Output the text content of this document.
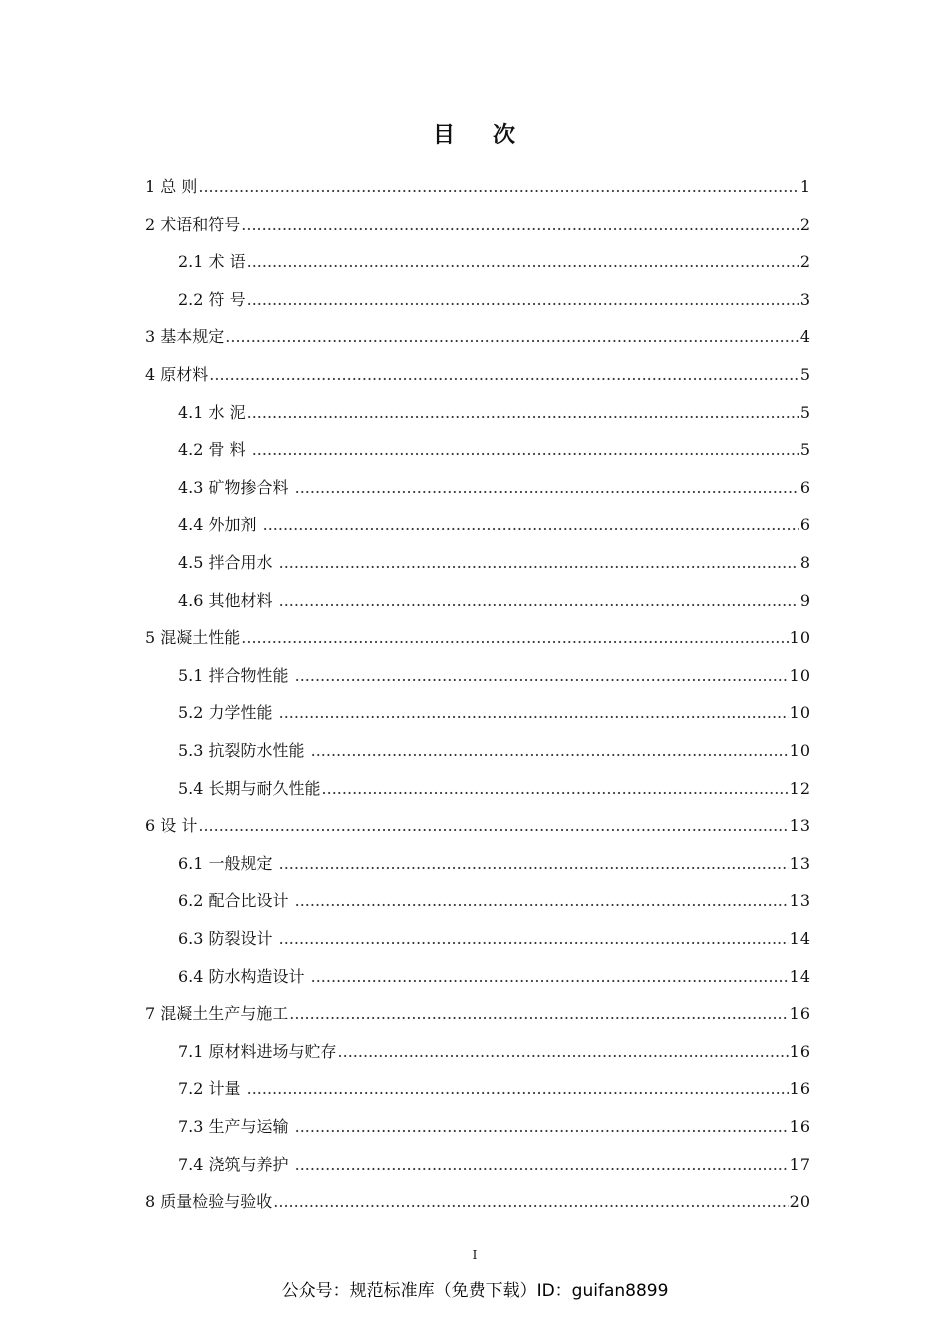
目 次
1 总 则 .....	1
2 术语和符号 .....	2
2.1 术 语 .....	2
2.2 符 号 .....	3
3 基本规定 .....	4
4 原材料 .....	5
4.1 水 泥 .....	5
4.2 骨 料 .....	5
4.3 矿物掺合料 .....	6
4.4 外加剂 .....	6
4.5 拌合用水 .....	8
4.6 其他材料 .....	9
5 混凝土性能 .....	10
5.1 拌合物性能 .....	10
5.2 力学性能 .....	10
5.3 抗裂防水性能 .....	10
5.4 长期与耐久性能 .....	12
6 设 计 .....	13
6.1 一般规定 .....	13
6.2 配合比设计 .....	13
6.3 防裂设计 .....	14
6.4 防水构造设计 .....	14
7 混凝土生产与施工 .....	16
7.1 原材料进场与贮存 .....	16
7.2 计量 .....	16
7.3 生产与运输 .....	16
7.4 浇筑与养护 .....	17
8 质量检验与验收 .....	20
I
公众号：规范标准库（免费下载）ID：guifan8899
